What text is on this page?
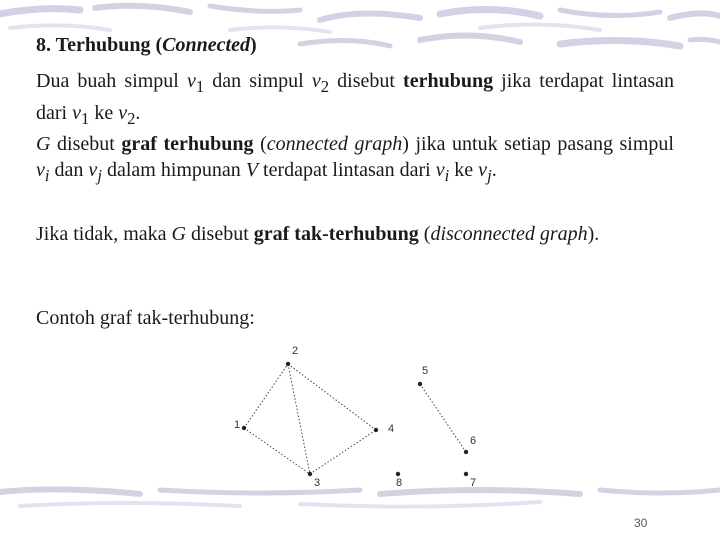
8. Terhubung (Connected)

Dua buah simpul $v_1$ dan simpul $v_2$ disebut terhubung jika terdapat lintasan dari $v_1$ ke $v_2$.

G disebut graf terhubung (connected graph) jika untuk setiap pasang simpul $v_i$ dan $v_j$ dalam himpunan V terdapat lintasan dari $v_i$ ke $v_j$.

Jika tidak, maka G disebut graf tak-terhubung (disconnected graph).

Contoh graf tak-terhubung:

1
2
3
4
5
6
7
8
30
